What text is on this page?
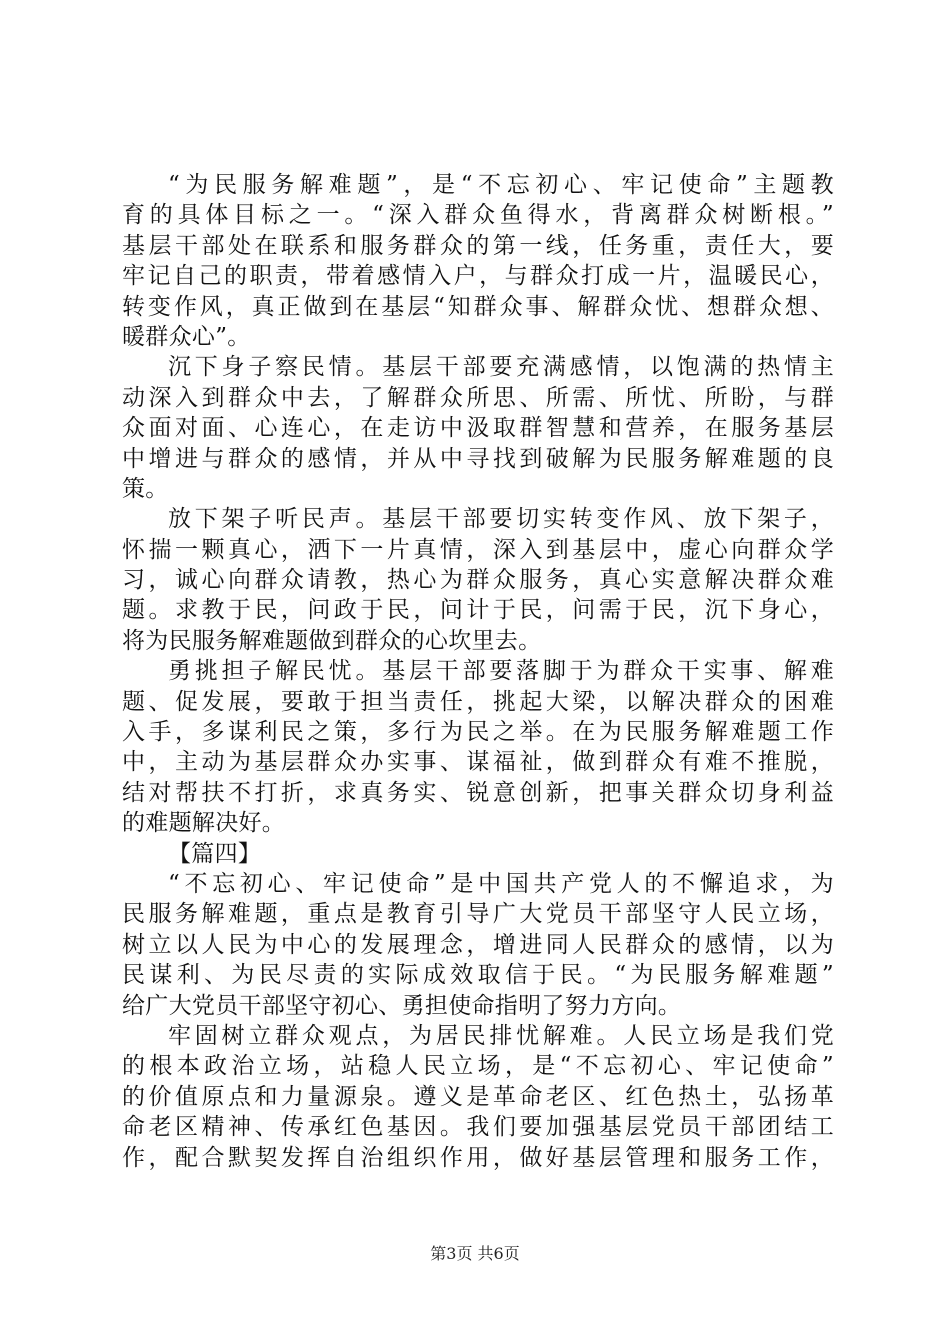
“为民服务解难题”，是“不忘初心、牢记使命”主题教
育的具体目标之一。“深入群众鱼得水，背离群众树断根。”
基层干部处在联系和服务群众的第一线，任务重，责任大，要
牢记自己的职责，带着感情入户，与群众打成一片，温暖民心，
转变作风，真正做到在基层“知群众事、解群众忧、想群众想、
暖群众心”。
沉下身子察民情。基层干部要充满感情，以饱满的热情主
动深入到群众中去，了解群众所思、所需、所忧、所盼，与群
众面对面、心连心，在走访中汲取群智慧和营养，在服务基层
中增进与群众的感情，并从中寻找到破解为民服务解难题的良
策。
放下架子听民声。基层干部要切实转变作风、放下架子，
怀揣一颗真心，洒下一片真情，深入到基层中，虚心向群众学
习，诚心向群众请教，热心为群众服务，真心实意解决群众难
题。求教于民，问政于民，问计于民，问需于民，沉下身心，
将为民服务解难题做到群众的心坎里去。
勇挑担子解民忧。基层干部要落脚于为群众干实事、解难
题、促发展，要敢于担当责任，挑起大梁，以解决群众的困难
入手，多谋利民之策，多行为民之举。在为民服务解难题工作
中，主动为基层群众办实事、谋福祉，做到群众有难不推脱，
结对帮扶不打折，求真务实、锐意创新，把事关群众切身利益
的难题解决好。
【篇四】
“不忘初心、牢记使命”是中国共产党人的不懈追求，为
民服务解难题，重点是教育引导广大党员干部坚守人民立场，
树立以人民为中心的发展理念，增进同人民群众的感情，以为
民谋利、为民尽责的实际成效取信于民。“为民服务解难题”
给广大党员干部坚守初心、勇担使命指明了努力方向。
牢固树立群众观点，为居民排忧解难。人民立场是我们党
的根本政治立场，站稳人民立场，是“不忘初心、牢记使命”
的价值原点和力量源泉。遵义是革命老区、红色热土，弘扬革
命老区精神、传承红色基因。我们要加强基层党员干部团结工
作，配合默契发挥自治组织作用，做好基层管理和服务工作，
第3页 共6页
